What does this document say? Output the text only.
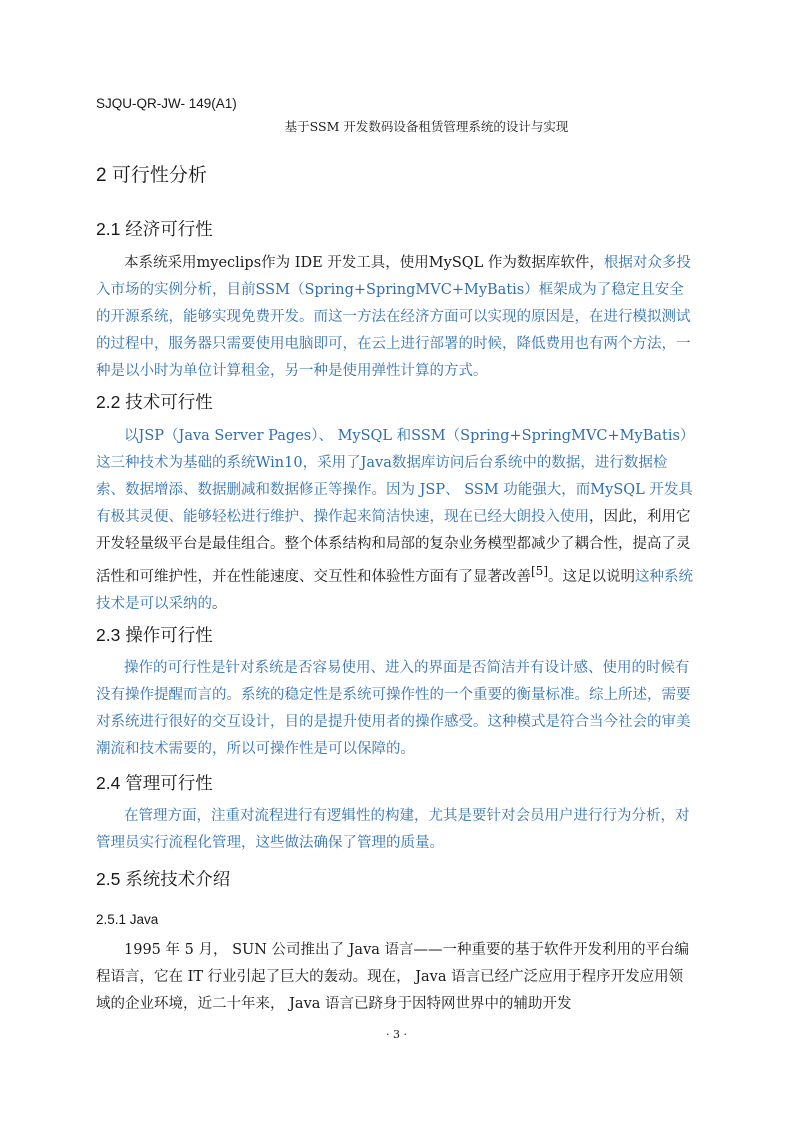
SJQU-QR-JW- 149(A1)
基于SSM 开发数码设备租赁管理系统的设计与实现
2 可行性分析
2.1 经济可行性

本系统采用myeclips作为 IDE 开发工具，使用MySQL 作为数据库软件，根据对众多投入市场的实例分析，目前SSM（Spring+SpringMVC+MyBatis）框架成为了稳定且安全的开源系统，能够实现免费开发。而这一方法在经济方面可以实现的原因是，在进行模拟测试的过程中，服务器只需要使用电脑即可，在云上进行部署的时候，降低费用也有两个方法，一种是以小时为单位计算租金，另一种是使用弹性计算的方式。

2.2 技术可行性

以JSP（Java Server Pages）、 MySQL 和SSM（Spring+SpringMVC+MyBatis）这三种技术为基础的系统Win10，采用了Java数据库访问后台系统中的数据，进行数据检索、数据增添、数据删减和数据修正等操作。因为 JSP、 SSM 功能强大，而MySQL 开发具有极其灵便、能够轻松进行维护、操作起来简洁快速，现在已经大朗投入使用，因此，利用它开发轻量级平台是最佳组合。整个体系结构和局部的复杂业务模型都减少了耦合性，提高了灵活性和可维护性，并在性能速度、交互性和体验性方面有了显著改善[5]。这足以说明这种系统技术是可以采纳的。

2.3 操作可行性

操作的可行性是针对系统是否容易使用、进入的界面是否简洁并有设计感、使用的时候有没有操作提醒而言的。系统的稳定性是系统可操作性的一个重要的衡量标准。综上所述，需要对系统进行很好的交互设计，目的是提升使用者的操作感受。这种模式是符合当今社会的审美潮流和技术需要的，所以可操作性是可以保障的。

2.4 管理可行性

在管理方面，注重对流程进行有逻辑性的构建，尤其是要针对会员用户进行行为分析，对管理员实行流程化管理，这些做法确保了管理的质量。

2.5 系统技术介绍
2.5.1 Java

1995 年 5 月， SUN 公司推出了 Java 语言——一种重要的基于软件开发利用的平台编程语言，它在 IT 行业引起了巨大的轰动。现在， Java 语言已经广泛应用于程序开发应用领域的企业环境，近二十年来， Java 语言已跻身于因特网世界中的辅助开发

· 3 ·
